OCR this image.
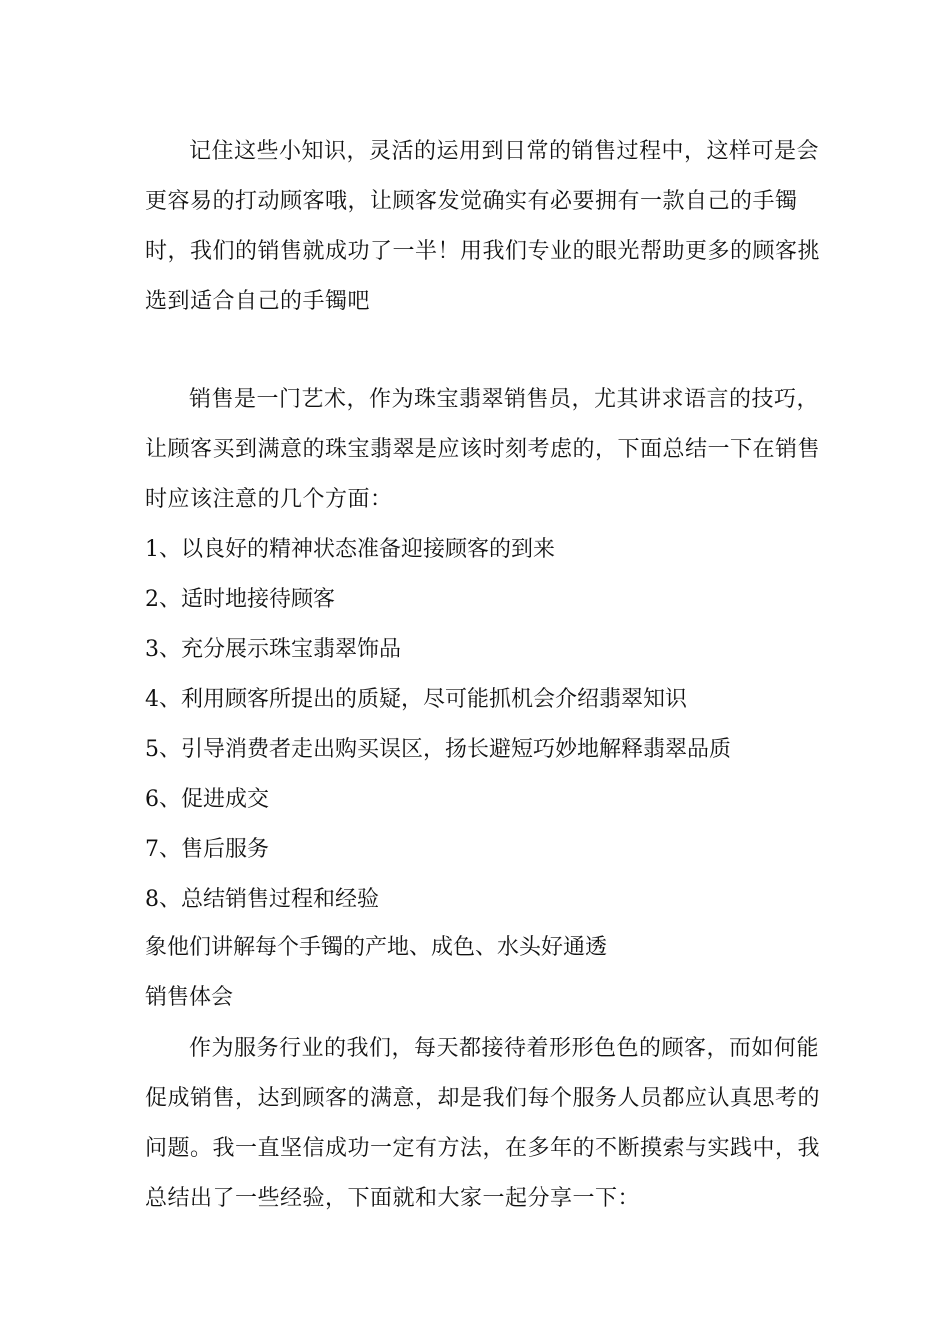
记住这些小知识，灵活的运用到日常的销售过程中，这样可是会更容易的打动顾客哦，让顾客发觉确实有必要拥有一款自己的手镯时，我们的销售就成功了一半！用我们专业的眼光帮助更多的顾客挑选到适合自己的手镯吧

销售是一门艺术，作为珠宝翡翠销售员，尤其讲求语言的技巧，让顾客买到满意的珠宝翡翠是应该时刻考虑的，下面总结一下在销售时应该注意的几个方面：

1、以良好的精神状态准备迎接顾客的到来

2、适时地接待顾客

3、充分展示珠宝翡翠饰品

4、利用顾客所提出的质疑，尽可能抓机会介绍翡翠知识

5、引导消费者走出购买误区，扬长避短巧妙地解释翡翠品质

6、促进成交

7、售后服务

8、总结销售过程和经验

象他们讲解每个手镯的产地、成色、水头好通透

销售体会

作为服务行业的我们，每天都接待着形形色色的顾客，而如何能促成销售，达到顾客的满意，却是我们每个服务人员都应认真思考的问题。我一直坚信成功一定有方法，在多年的不断摸索与实践中，我总结出了一些经验，下面就和大家一起分享一下：
